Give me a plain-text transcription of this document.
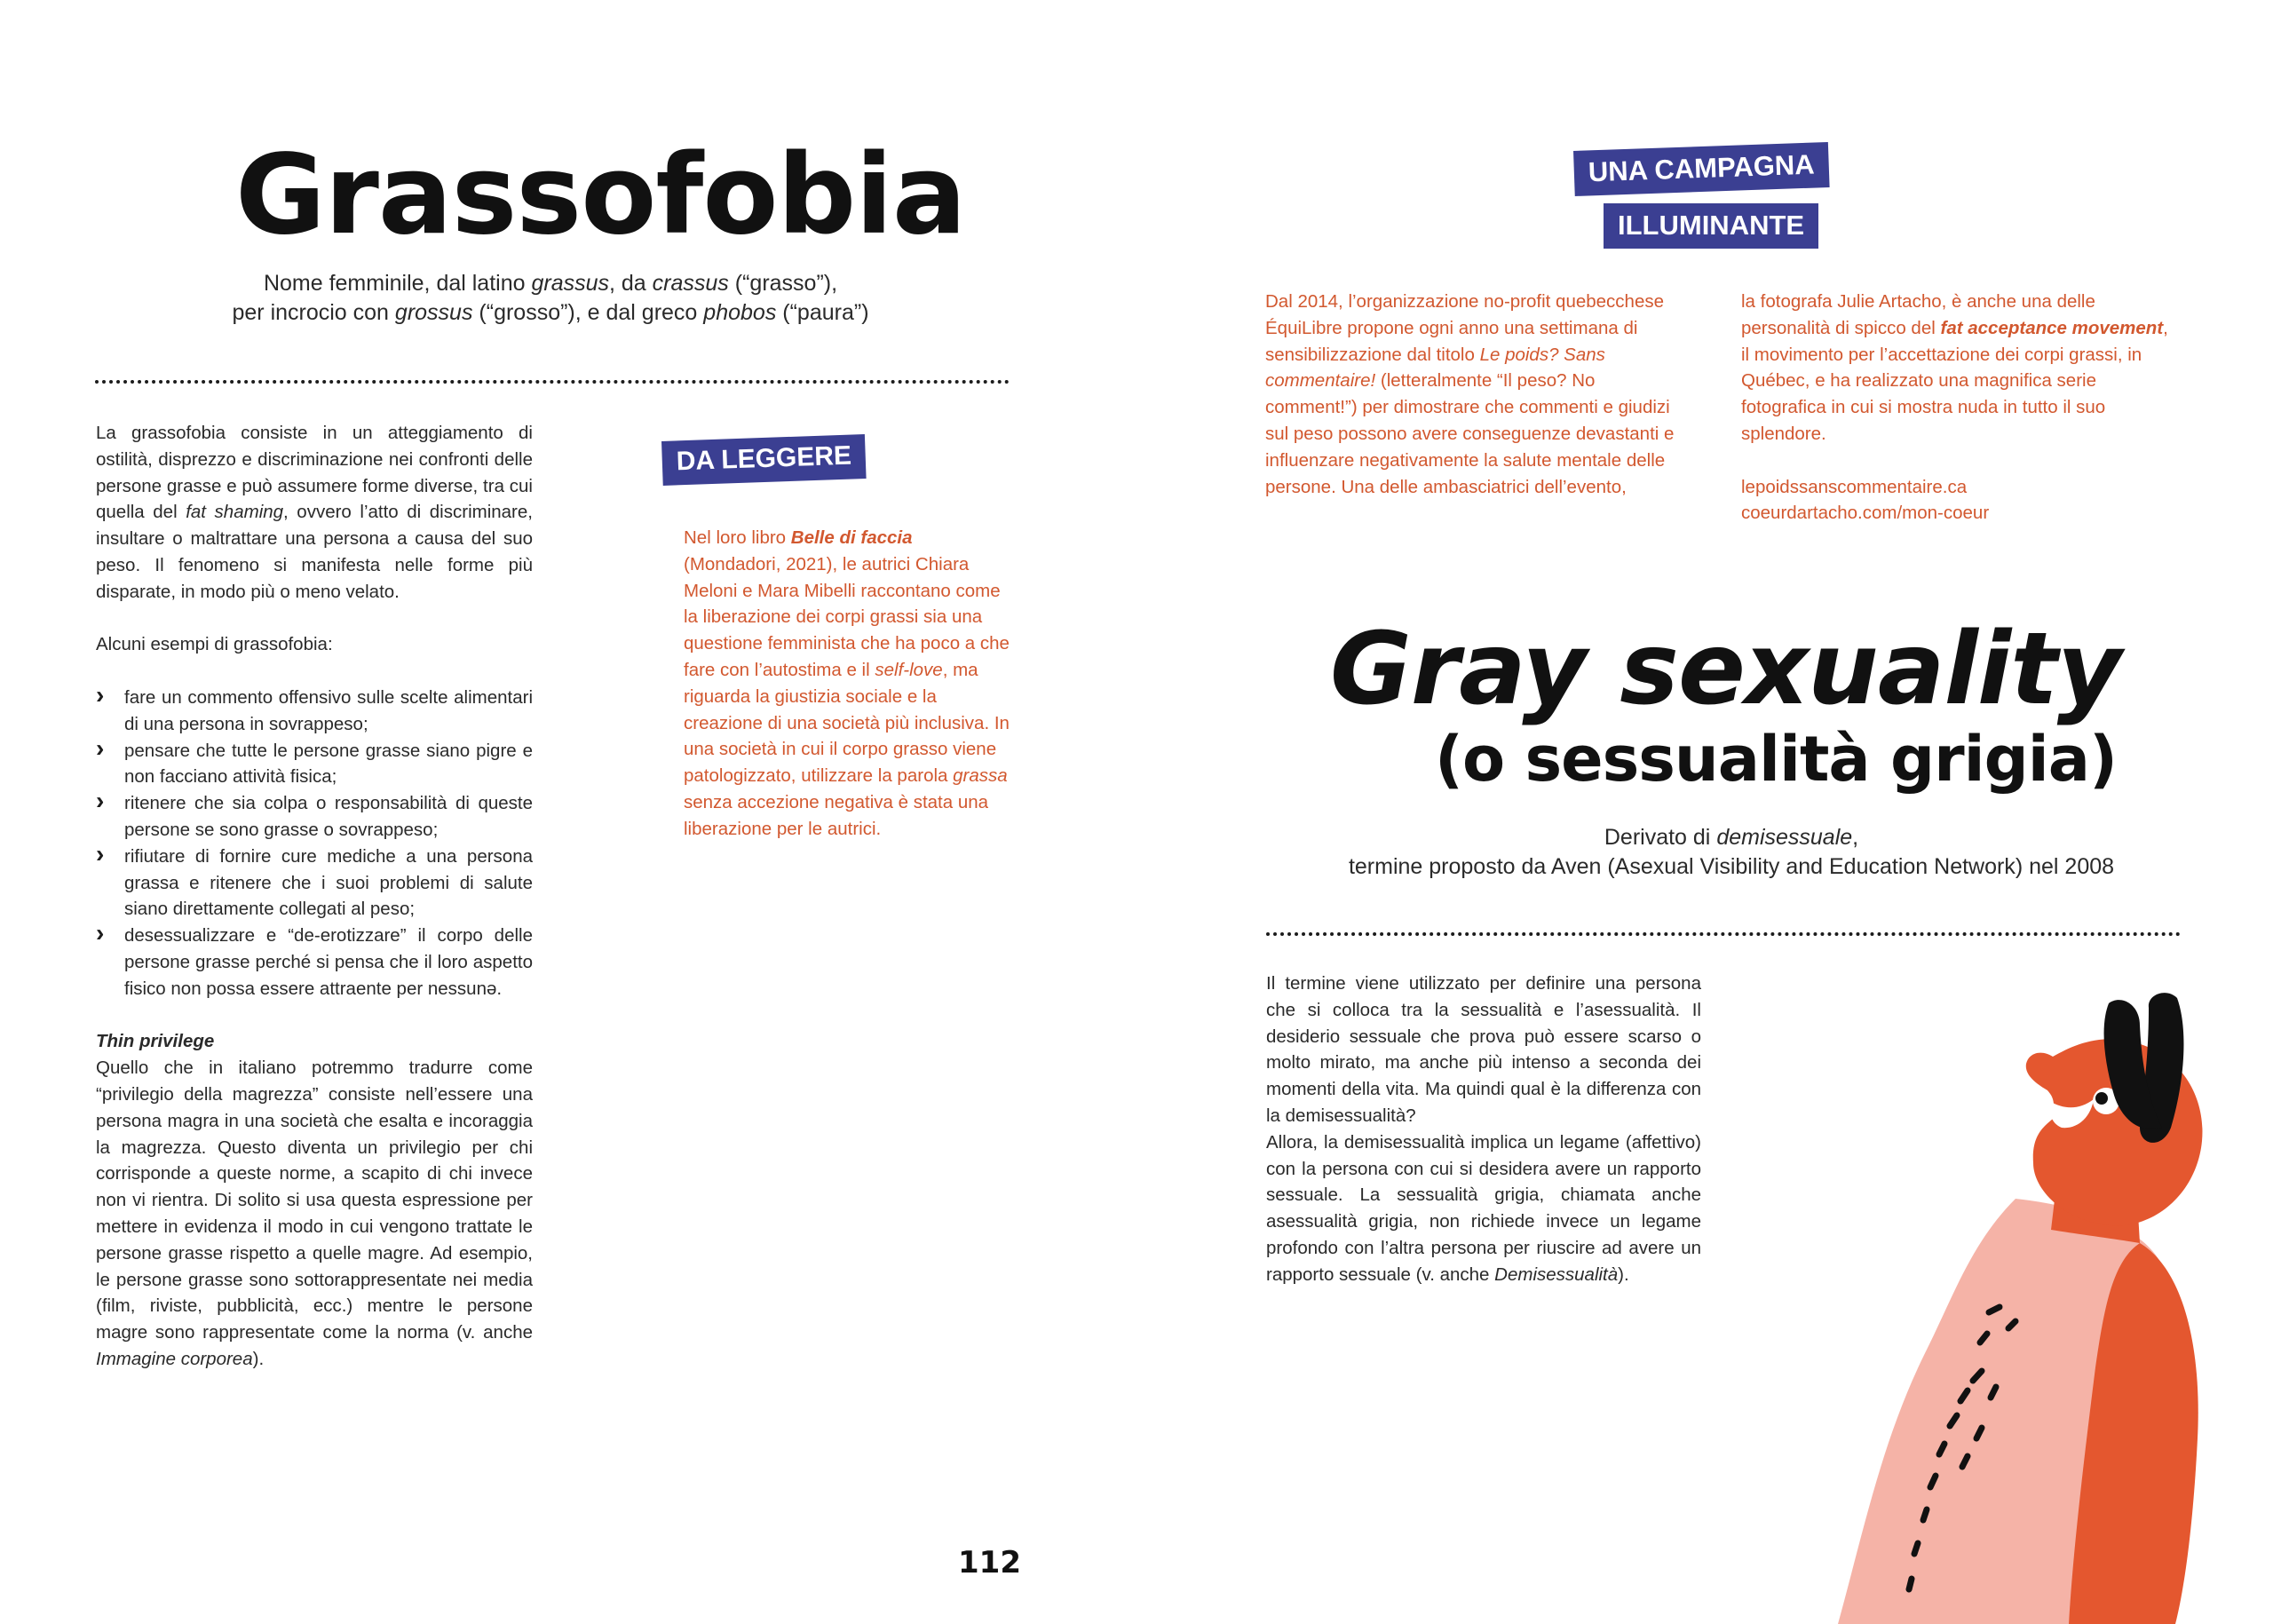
Grassofobia
Nome femminile, dal latino grassus, da crassus (“grasso”),
per incrocio con grossus (“grosso”), e dal greco phobos (“paura”)

La grassofobia consiste in un atteggiamento di ostilità, disprezzo e discriminazione nei confronti delle persone grasse e può assumere forme diverse, tra cui quella del fat shaming, ovvero l’atto di discriminare, insultare o maltrattare una persona a causa del suo peso. Il fenomeno si manifesta nelle forme più disparate, in modo più o meno velato.

Alcuni esempi di grassofobia:

› fare un commento offensivo sulle scelte alimentari di una persona in sovrappeso;
› pensare che tutte le persone grasse siano pigre e non facciano attività fisica;
› ritenere che sia colpa o responsabilità di queste persone se sono grasse o sovrappeso;
› rifiutare di fornire cure mediche a una persona grassa e ritenere che i suoi problemi di salute siano direttamente collegati al peso;
› desessualizzare e “de-erotizzare” il corpo delle persone grasse perché si pensa che il loro aspetto fisico non possa essere attraente per nessunə.

Thin privilege

Quello che in italiano potremmo tradurre come “privilegio della magrezza” consiste nell’essere una persona magra in una società che esalta e incoraggia la magrezza. Questo diventa un privilegio per chi corrisponde a queste norme, a scapito di chi invece non vi rientra. Di solito si usa questa espressione per mettere in evidenza il modo in cui vengono trattate le persone grasse rispetto a quelle magre. Ad esempio, le persone grasse sono sottorappresentate nei media (film, riviste, pubblicità, ecc.) mentre le persone magre sono rappresentate come la norma (v. anche Immagine corporea).

DA LEGGERE

Nel loro libro Belle di faccia (Mondadori, 2021), le autrici Chiara Meloni e Mara Mibelli raccontano come la liberazione dei corpi grassi sia una questione femminista che ha poco a che fare con l’autostima e il self-love, ma riguarda la giustizia sociale e la creazione di una società più inclusiva. In una società in cui il corpo grasso viene patologizzato, utilizzare la parola grassa senza accezione negativa è stata una liberazione per le autrici.

112
UNA CAMPAGNA
ILLUMINANTE

Dal 2014, l’organizzazione no-profit quebecchese ÉquiLibre propone ogni anno una settimana di sensibilizzazione dal titolo Le poids? Sans commentaire! (letteralmente “Il peso? No comment!”) per dimostrare che commenti e giudizi sul peso possono avere conseguenze devastanti e influenzare negativamente la salute mentale delle persone. Una delle ambasciatrici dell’evento,

la fotografa Julie Artacho, è anche una delle personalità di spicco del fat acceptance movement, il movimento per l’accettazione dei corpi grassi, in Québec, e ha realizzato una magnifica serie fotografica in cui si mostra nuda in tutto il suo splendore.

lepoidssanscommentaire.ca

coeurdartacho.com/mon-coeur

Gray sexuality
(o sessualità grigia)
Derivato di demisessuale,
termine proposto da Aven (Asexual Visibility and Education Network) nel 2008

Il termine viene utilizzato per definire una persona che si colloca tra la sessualità e l’asessualità. Il desiderio sessuale che prova può essere scarso o molto mirato, ma anche più intenso a seconda dei momenti della vita. Ma quindi qual è la differenza con la demisessualità?

Allora, la demisessualità implica un legame (affettivo) con la persona con cui si desidera avere un rapporto sessuale. La sessualità grigia, chiamata anche asessualità grigia, non richiede invece un legame profondo con l’altra persona per riuscire ad avere un rapporto sessuale (v. anche Demisessualità).
